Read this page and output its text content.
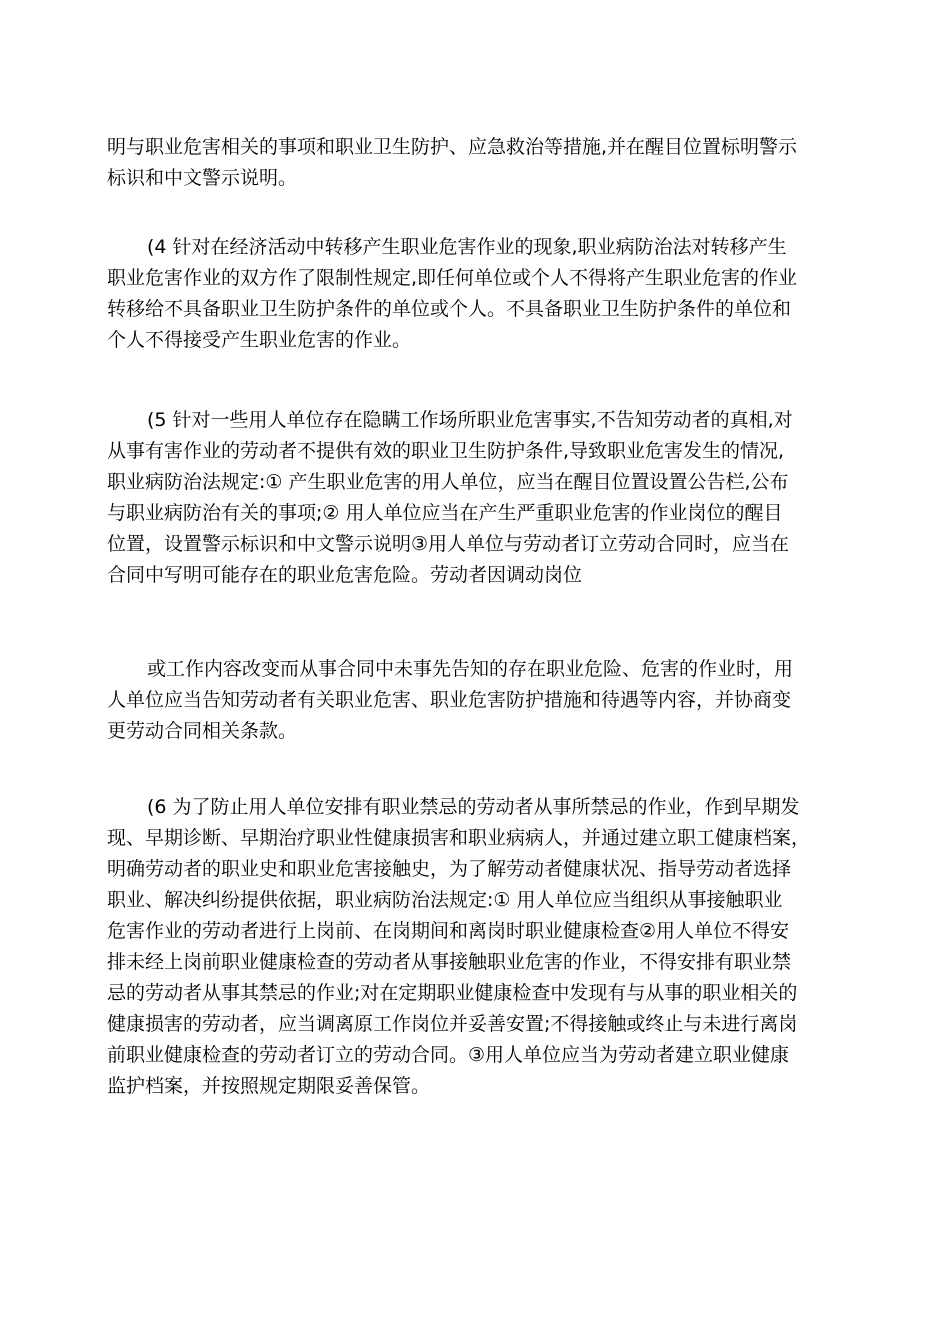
明与职业危害相关的事项和职业卫生防护、应急救治等措施,并在醒目位置标明警示
标识和中文警示说明。
(4 针对在经济活动中转移产生职业危害作业的现象,职业病防治法对转移产生
职业危害作业的双方作了限制性规定,即任何单位或个人不得将产生职业危害的作业
转移给不具备职业卫生防护条件的单位或个人。不具备职业卫生防护条件的单位和
个人不得接受产生职业危害的作业。
(5 针对一些用人单位存在隐瞒工作场所职业危害事实,不告知劳动者的真相,对
从事有害作业的劳动者不提供有效的职业卫生防护条件,导致职业危害发生的情况,
职业病防治法规定:① 产生职业危害的用人单位，应当在醒目位置设置公告栏,公布
与职业病防治有关的事项;② 用人单位应当在产生严重职业危害的作业岗位的醒目
位置，设置警示标识和中文警示说明③用人单位与劳动者订立劳动合同时，应当在
合同中写明可能存在的职业危害危险。劳动者因调动岗位
或工作内容改变而从事合同中未事先告知的存在职业危险、危害的作业时，用
人单位应当告知劳动者有关职业危害、职业危害防护措施和待遇等内容，并协商变
更劳动合同相关条款。
(6 为了防止用人单位安排有职业禁忌的劳动者从事所禁忌的作业，作到早期发
现、早期诊断、早期治疗职业性健康损害和职业病病人，并通过建立职工健康档案，
明确劳动者的职业史和职业危害接触史，为了解劳动者健康状况、指导劳动者选择
职业、解决纠纷提供依据，职业病防治法规定:① 用人单位应当组织从事接触职业
危害作业的劳动者进行上岗前、在岗期间和离岗时职业健康检查②用人单位不得安
排未经上岗前职业健康检查的劳动者从事接触职业危害的作业，不得安排有职业禁
忌的劳动者从事其禁忌的作业;对在定期职业健康检查中发现有与从事的职业相关的
健康损害的劳动者，应当调离原工作岗位并妥善安置;不得接触或终止与未进行离岗
前职业健康检查的劳动者订立的劳动合同。③用人单位应当为劳动者建立职业健康
监护档案，并按照规定期限妥善保管。
